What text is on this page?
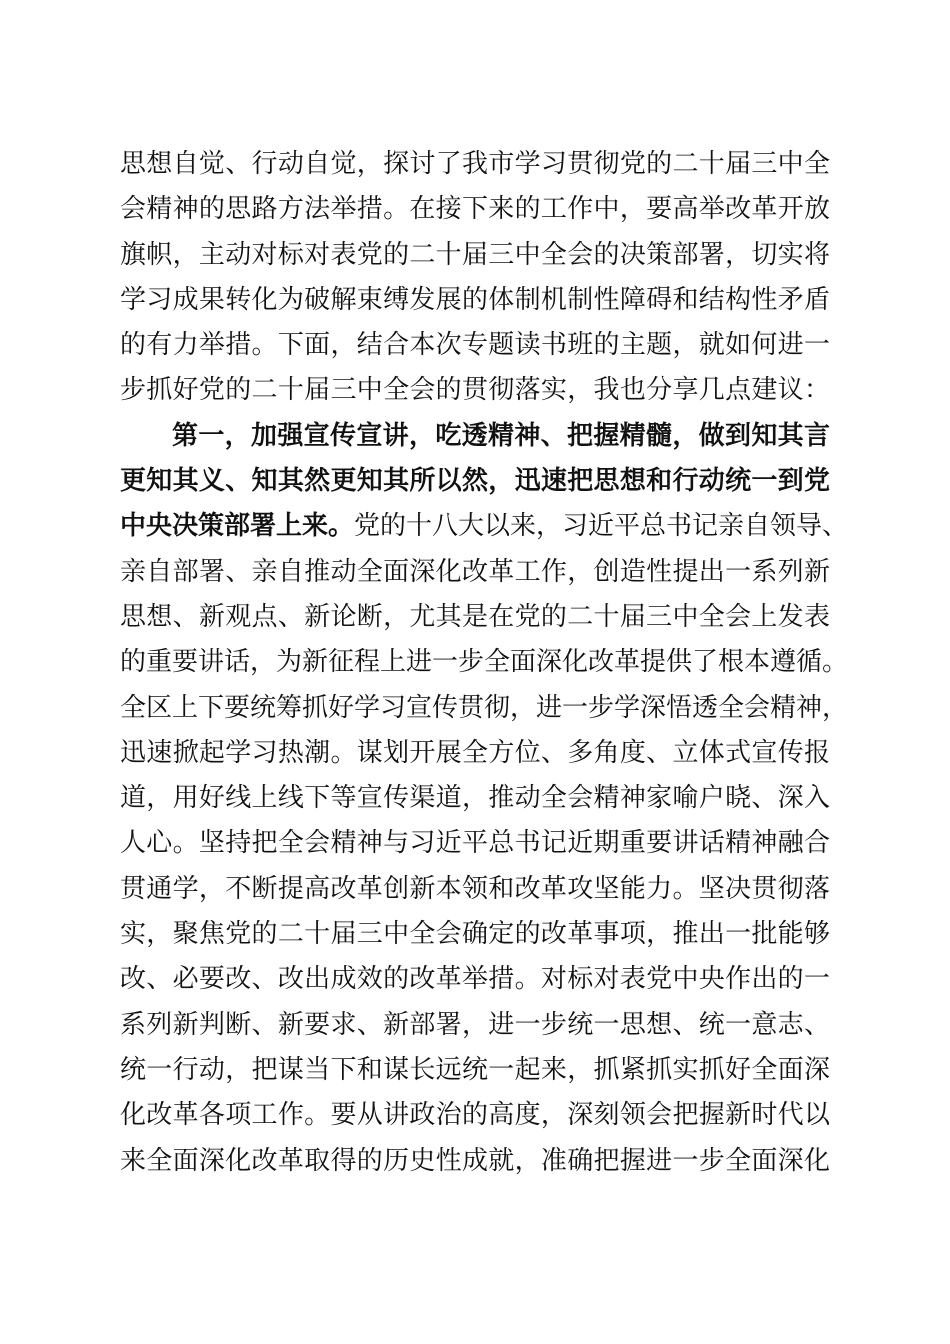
思想自觉、行动自觉，探讨了我市学习贯彻党的二十届三中全
会精神的思路方法举措。在接下来的工作中，要高举改革开放
旗帜，主动对标对表党的二十届三中全会的决策部署，切实将
学习成果转化为破解束缚发展的体制机制性障碍和结构性矛盾
的有力举措。下面，结合本次专题读书班的主题，就如何进一
步抓好党的二十届三中全会的贯彻落实，我也分享几点建议：
第一，加强宣传宣讲，吃透精神、把握精髓，做到知其言
更知其义、知其然更知其所以然，迅速把思想和行动统一到党
中央决策部署上来。党的十八大以来，习近平总书记亲自领导、
亲自部署、亲自推动全面深化改革工作，创造性提出一系列新
思想、新观点、新论断，尤其是在党的二十届三中全会上发表
的重要讲话，为新征程上进一步全面深化改革提供了根本遵循。
全区上下要统筹抓好学习宣传贯彻，进一步学深悟透全会精神，
迅速掀起学习热潮。谋划开展全方位、多角度、立体式宣传报
道，用好线上线下等宣传渠道，推动全会精神家喻户晓、深入
人心。坚持把全会精神与习近平总书记近期重要讲话精神融合
贯通学，不断提高改革创新本领和改革攻坚能力。坚决贯彻落
实，聚焦党的二十届三中全会确定的改革事项，推出一批能够
改、必要改、改出成效的改革举措。对标对表党中央作出的一
系列新判断、新要求、新部署，进一步统一思想、统一意志、
统一行动，把谋当下和谋长远统一起来，抓紧抓实抓好全面深
化改革各项工作。要从讲政治的高度，深刻领会把握新时代以
来全面深化改革取得的历史性成就，准确把握进一步全面深化
